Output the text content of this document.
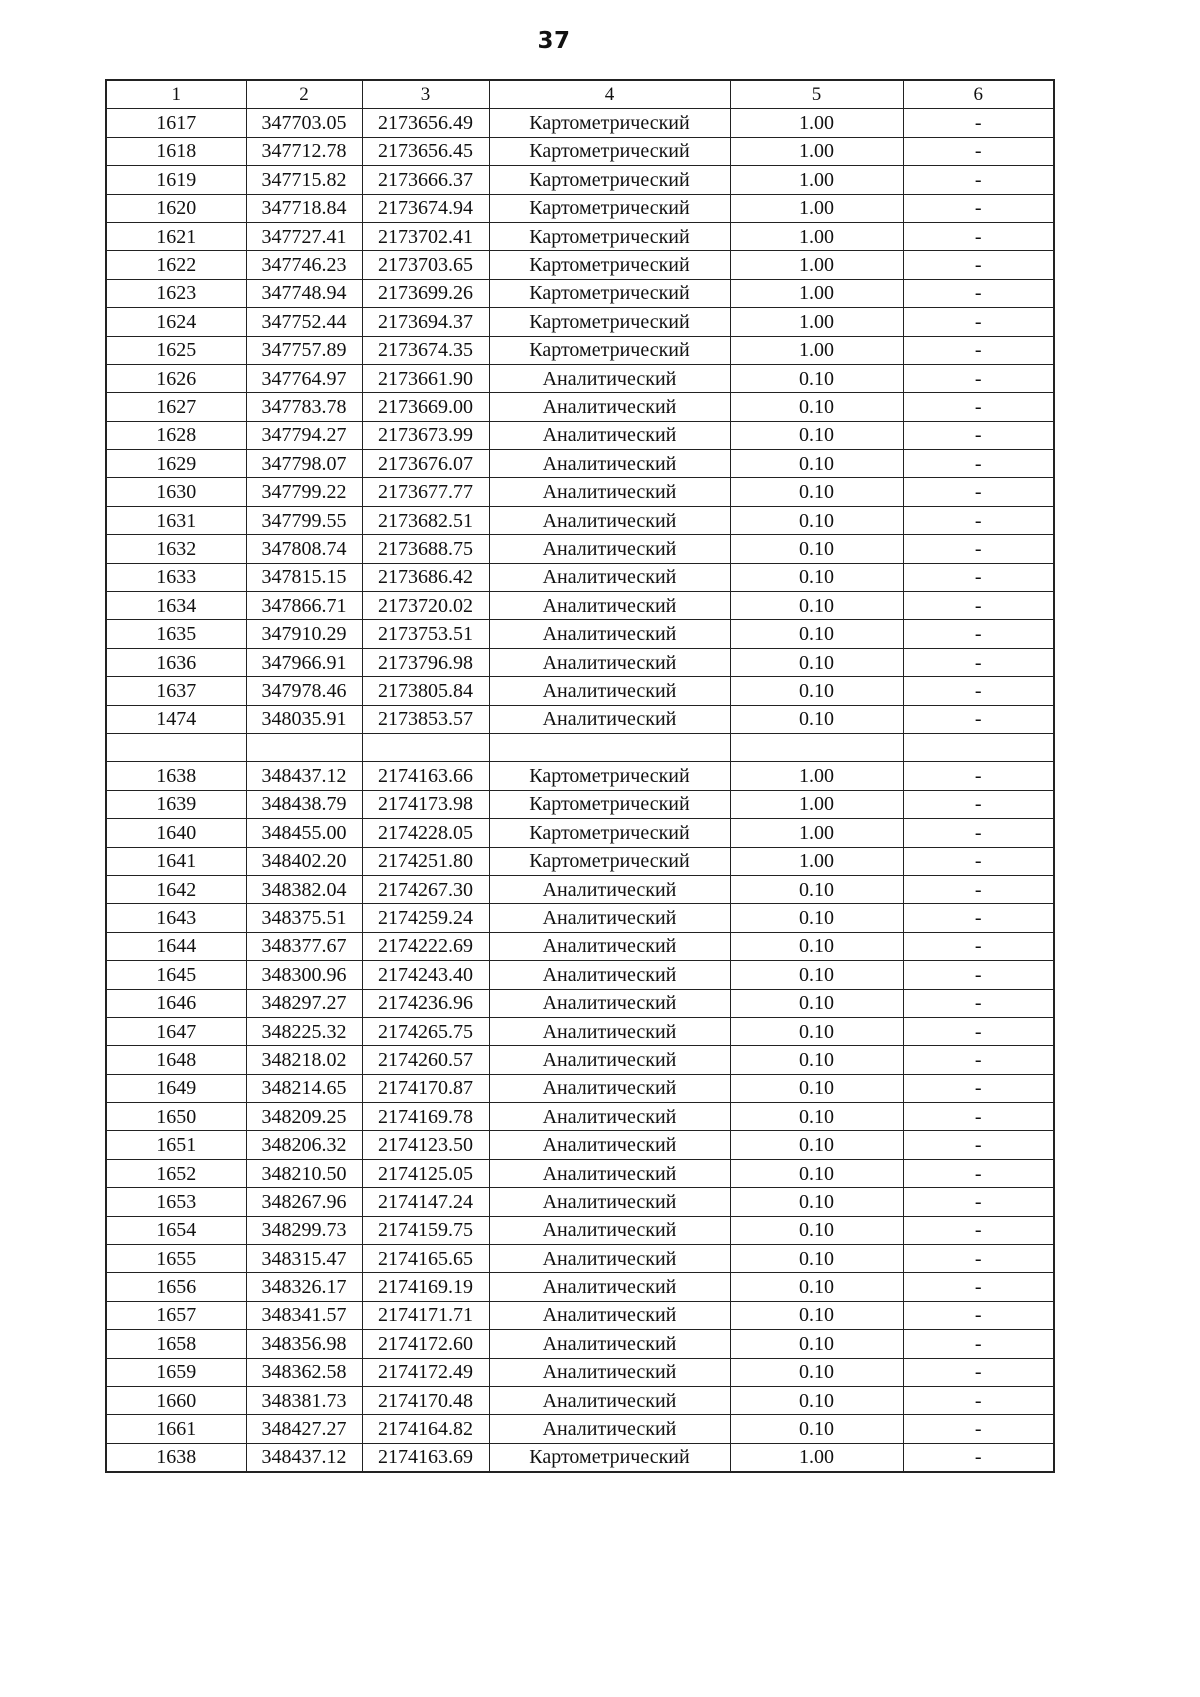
37
1	2	3	4	5	6
1617	347703.05	2173656.49	Картометрический	1.00	-
1618	347712.78	2173656.45	Картометрический	1.00	-
1619	347715.82	2173666.37	Картометрический	1.00	-
1620	347718.84	2173674.94	Картометрический	1.00	-
1621	347727.41	2173702.41	Картометрический	1.00	-
1622	347746.23	2173703.65	Картометрический	1.00	-
1623	347748.94	2173699.26	Картометрический	1.00	-
1624	347752.44	2173694.37	Картометрический	1.00	-
1625	347757.89	2173674.35	Картометрический	1.00	-
1626	347764.97	2173661.90	Аналитический	0.10	-
1627	347783.78	2173669.00	Аналитический	0.10	-
1628	347794.27	2173673.99	Аналитический	0.10	-
1629	347798.07	2173676.07	Аналитический	0.10	-
1630	347799.22	2173677.77	Аналитический	0.10	-
1631	347799.55	2173682.51	Аналитический	0.10	-
1632	347808.74	2173688.75	Аналитический	0.10	-
1633	347815.15	2173686.42	Аналитический	0.10	-
1634	347866.71	2173720.02	Аналитический	0.10	-
1635	347910.29	2173753.51	Аналитический	0.10	-
1636	347966.91	2173796.98	Аналитический	0.10	-
1637	347978.46	2173805.84	Аналитический	0.10	-
1474	348035.91	2173853.57	Аналитический	0.10	-

1638	348437.12	2174163.66	Картометрический	1.00	-
1639	348438.79	2174173.98	Картометрический	1.00	-
1640	348455.00	2174228.05	Картометрический	1.00	-
1641	348402.20	2174251.80	Картометрический	1.00	-
1642	348382.04	2174267.30	Аналитический	0.10	-
1643	348375.51	2174259.24	Аналитический	0.10	-
1644	348377.67	2174222.69	Аналитический	0.10	-
1645	348300.96	2174243.40	Аналитический	0.10	-
1646	348297.27	2174236.96	Аналитический	0.10	-
1647	348225.32	2174265.75	Аналитический	0.10	-
1648	348218.02	2174260.57	Аналитический	0.10	-
1649	348214.65	2174170.87	Аналитический	0.10	-
1650	348209.25	2174169.78	Аналитический	0.10	-
1651	348206.32	2174123.50	Аналитический	0.10	-
1652	348210.50	2174125.05	Аналитический	0.10	-
1653	348267.96	2174147.24	Аналитический	0.10	-
1654	348299.73	2174159.75	Аналитический	0.10	-
1655	348315.47	2174165.65	Аналитический	0.10	-
1656	348326.17	2174169.19	Аналитический	0.10	-
1657	348341.57	2174171.71	Аналитический	0.10	-
1658	348356.98	2174172.60	Аналитический	0.10	-
1659	348362.58	2174172.49	Аналитический	0.10	-
1660	348381.73	2174170.48	Аналитический	0.10	-
1661	348427.27	2174164.82	Аналитический	0.10	-
1638	348437.12	2174163.69	Картометрический	1.00	-
